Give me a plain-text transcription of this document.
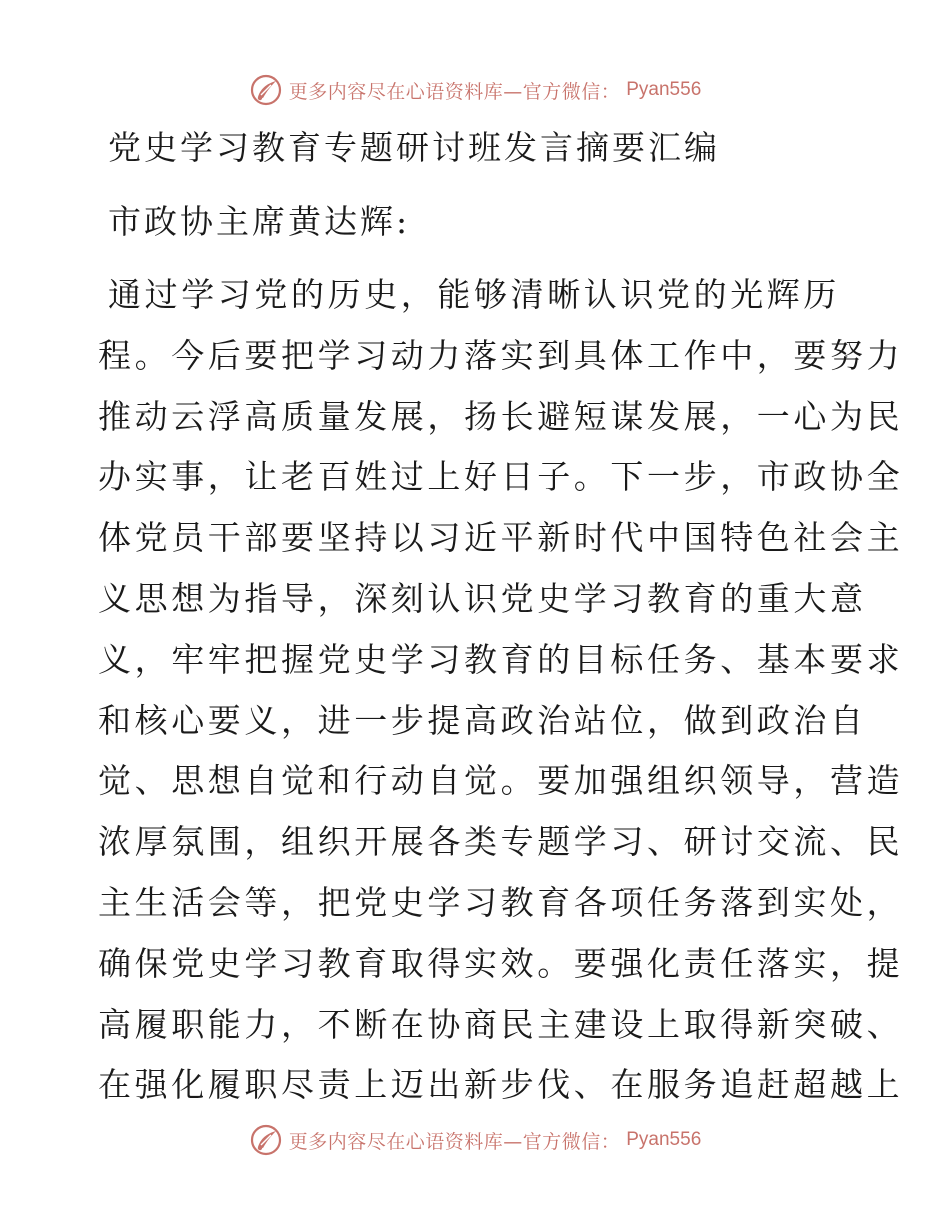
更多内容尽在心语资料库—官方微信： Pyan556
党史学习教育专题研讨班发言摘要汇编
市政协主席黄达辉:
通过学习党的历史，能够清晰认识党的光辉历
程。今后要把学习动力落实到具体工作中，要努力
推动云浮高质量发展，扬长避短谋发展，一心为民
办实事，让老百姓过上好日子。下一步，市政协全
体党员干部要坚持以习近平新时代中国特色社会主
义思想为指导，深刻认识党史学习教育的重大意
义，牢牢把握党史学习教育的目标任务、基本要求
和核心要义，进一步提高政治站位，做到政治自
觉、思想自觉和行动自觉。要加强组织领导，营造
浓厚氛围，组织开展各类专题学习、研讨交流、民
主生活会等，把党史学习教育各项任务落到实处，
确保党史学习教育取得实效。要强化责任落实，提
高履职能力，不断在协商民主建设上取得新突破、
在强化履职尽责上迈出新步伐、在服务追赶超越上
更多内容尽在心语资料库—官方微信： Pyan556
